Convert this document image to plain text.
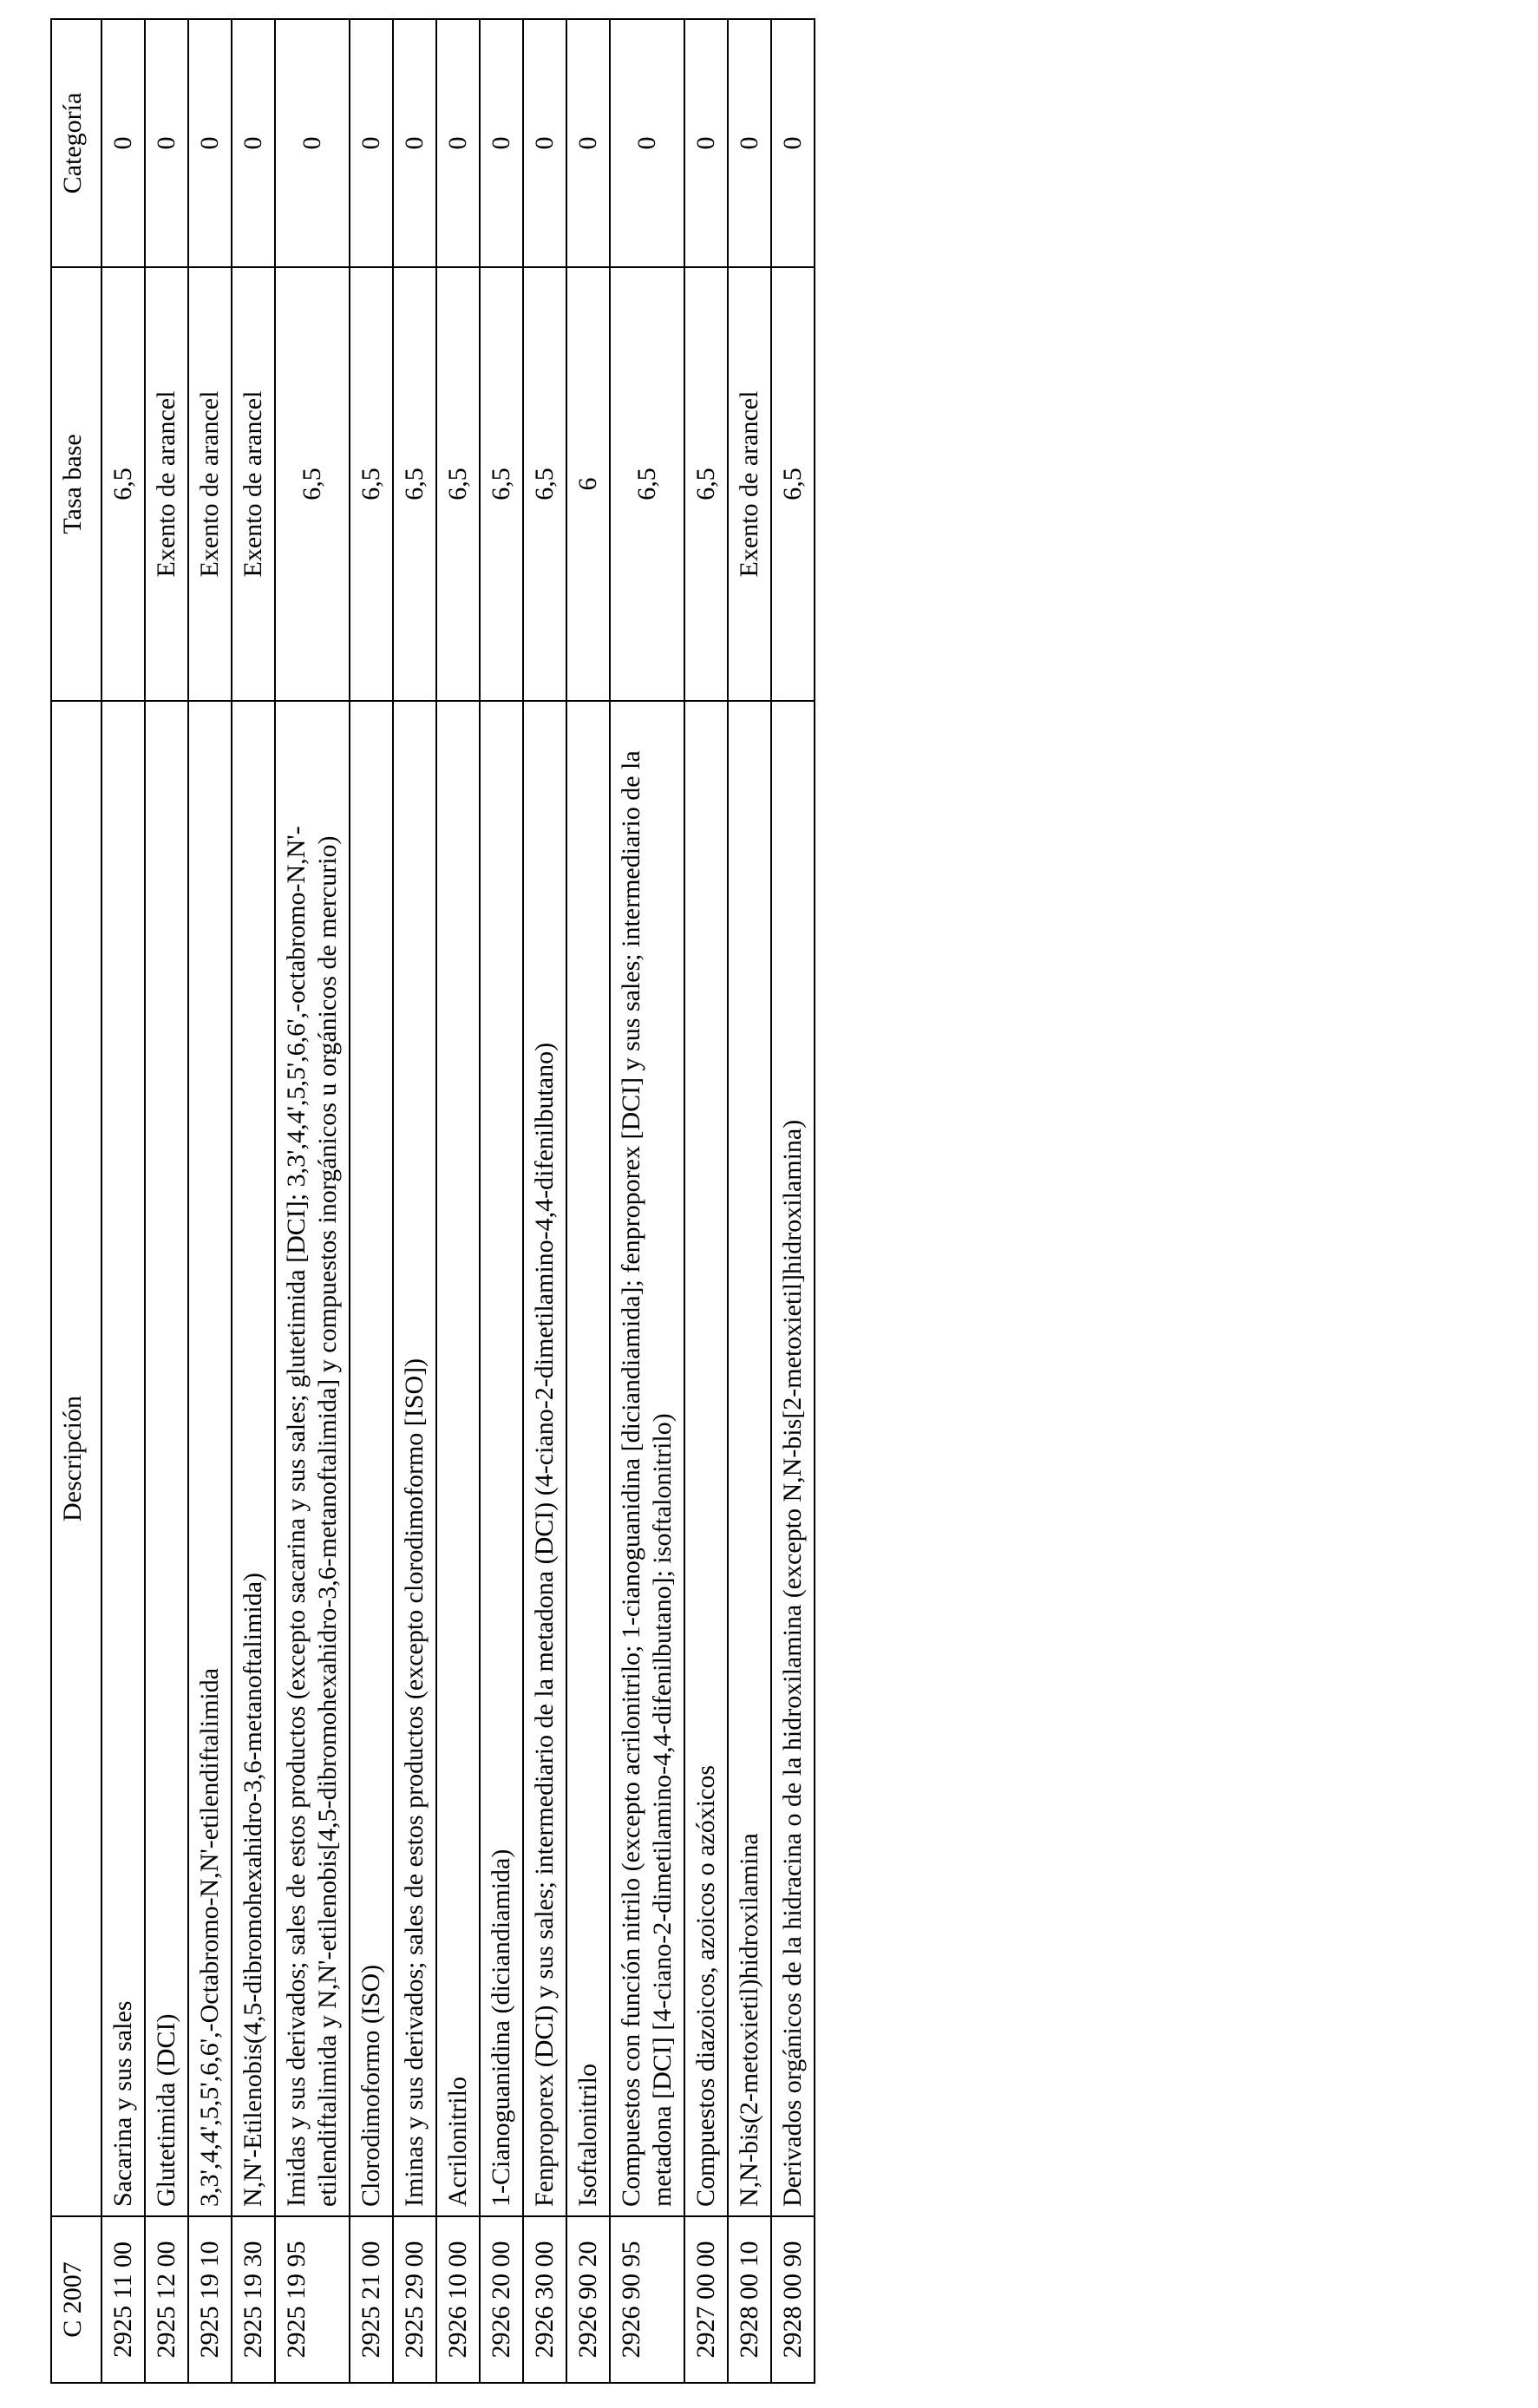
C 2007	Descripción	Tasa base	Categoría
2925 11 00	Sacarina y sus sales	6,5	0
2925 12 00	Glutetimida (DCI)	Exento de arancel	0
2925 19 10	3,3',4,4',5,5',6,6',-Octabromo-N,N'-etilendiftalimida	Exento de arancel	0
2925 19 30	N,N'-Etilenobis(4,5-dibromohexahidro-3,6-metanoftalimida)	Exento de arancel	0
2925 19 95	Imidas y sus derivados; sales de estos productos (excepto sacarina y sus sales; glutetimida [DCI]; 3,3',4,4',5,5',6,6',-octabromo-N,N'-etilendiftalimida y N,N'-etilenobis[4,5-dibromohexahidro-3,6-metanoftalimida] y compuestos inorgánicos u orgánicos de mercurio)	6,5	0
2925 21 00	Clorodimoformo (ISO)	6,5	0
2925 29 00	Iminas y sus derivados; sales de estos productos (excepto clorodimoformo [ISO])	6,5	0
2926 10 00	Acrilonitrilo	6,5	0
2926 20 00	1-Cianoguanidina (diciandiamida)	6,5	0
2926 30 00	Fenproporex (DCI) y sus sales; intermediario de la metadona (DCI) (4-ciano-2-dimetilamino-4,4-difenilbutano)	6,5	0
2926 90 20	Isoftalonitrilo	6	0
2926 90 95	Compuestos con función nitrilo (excepto acrilonitrilo; 1-cianoguanidina [diciandiamida]; fenproporex [DCI] y sus sales; intermediario de la metadona [DCI] [4-ciano-2-dimetilamino-4,4-difenilbutano]; isoftalonitrilo)	6,5	0
2927 00 00	Compuestos diazoicos, azoicos o azóxicos	6,5	0
2928 00 10	N,N-bis(2-metoxietil)hidroxilamina	Exento de arancel	0
2928 00 90	Derivados orgánicos de la hidracina o de la hidroxilamina (excepto N,N-bis[2-metoxietil]hidroxilamina)	6,5	0
